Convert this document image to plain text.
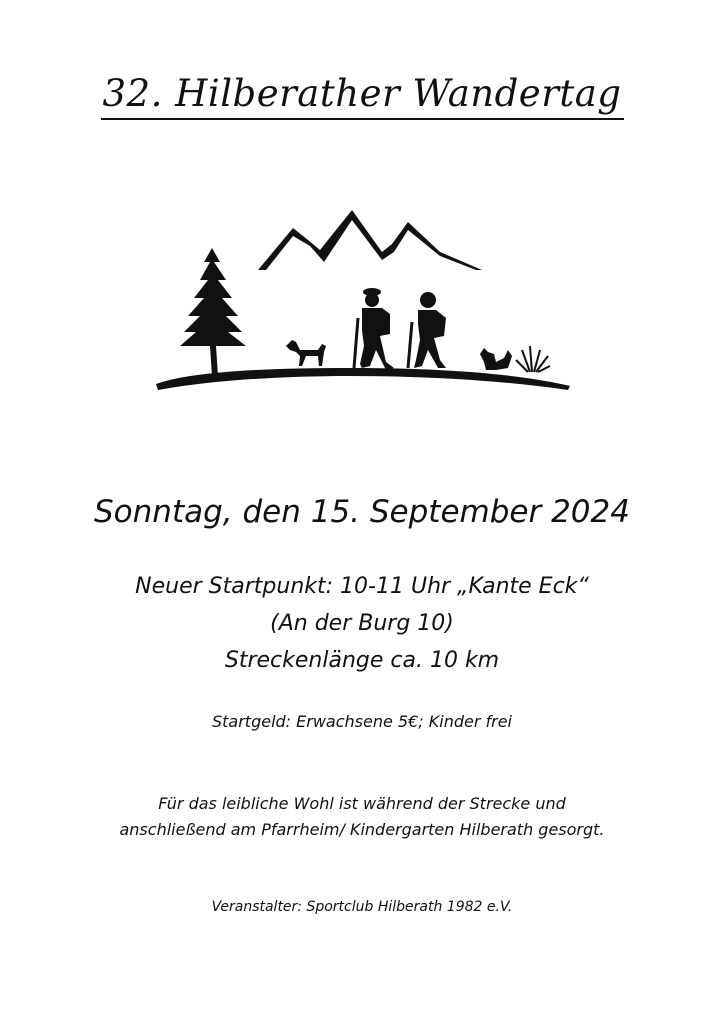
32. Hilberather Wandertag
Sonntag, den 15. September 2024
Neuer Startpunkt: 10-11 Uhr „Kante Eck“
(An der Burg 10)
Streckenlänge ca. 10 km
Startgeld: Erwachsene 5€; Kinder frei
Für das leibliche Wohl ist während der Strecke und
anschließend am Pfarrheim/ Kindergarten Hilberath gesorgt.
Veranstalter: Sportclub Hilberath 1982 e.V.
